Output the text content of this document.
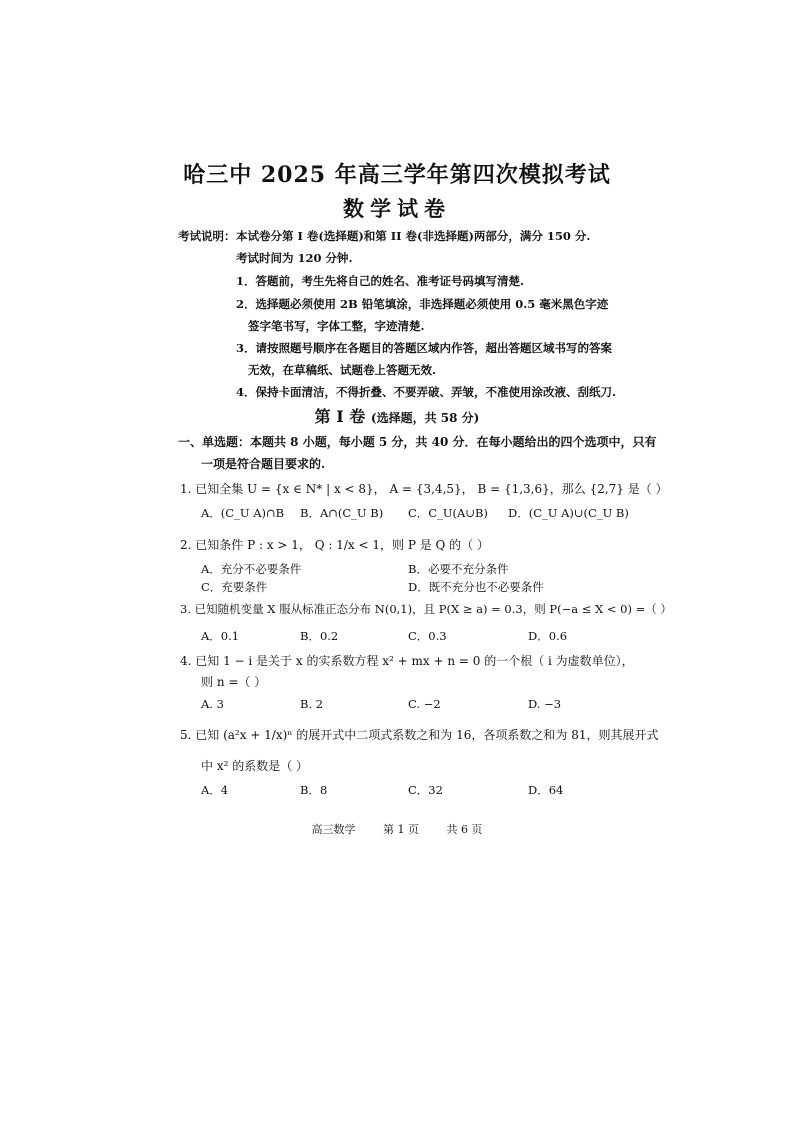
哈三中 2025 年高三学年第四次模拟考试
数学试卷
考试说明： 本试卷分第 I 卷(选择题)和第 II 卷(非选择题)两部分，满分 150 分.
考试时间为 120 分钟.
1．答题前，考生先将自己的姓名、准考证号码填写清楚.
2．选择题必须使用 2B 铅笔填涂，非选择题必须使用 0.5 毫米黑色字迹
签字笔书写，字体工整，字迹清楚.
3．请按照题号顺序在各题目的答题区域内作答，超出答题区域书写的答案
无效，在草稿纸、试题卷上答题无效.
4．保持卡面清洁，不得折叠、不要弄破、弄皱，不准使用涂改液、刮纸刀.
第 I 卷 (选择题，共 58 分)
一、单选题：本题共 8 小题，每小题 5 分，共 40 分．在每小题给出的四个选项中，只有
一项是符合题目要求的.
1. 已知全集 U = {x ∈ N* | x < 8}， A = {3,4,5}， B = {1,3,6}，那么 {2,7} 是（ ）
A．(C_U A)∩B B．A∩(C_U B) C．C_U(A∪B) D．(C_U A)∪(C_U B)
2. 已知条件 P : x > 1， Q : 1/x < 1，则 P 是 Q 的（ ）
A．充分不必要条件	B．必要不充分条件
C．充要条件	D．既不充分也不必要条件
3. 已知随机变量 X 服从标准正态分布 N(0,1)，且 P(X ≥ a) = 0.3，则 P(−a ≤ X < 0) =（ ）
A．0.1	B．0.2	C．0.3	D．0.6
4. 已知 1 − i 是关于 x 的实系数方程 x² + mx + n = 0 的一个根（ i 为虚数单位），
则 n =（ ）
A. 3	B. 2	C. −2	D. −3
5. 已知 (a²x + 1/x)ⁿ 的展开式中二项式系数之和为 16，各项系数之和为 81，则其展开式
中 x² 的系数是（ ）
A．4	B．8	C．32	D．64
高三数学	第 1 页	共 6 页
